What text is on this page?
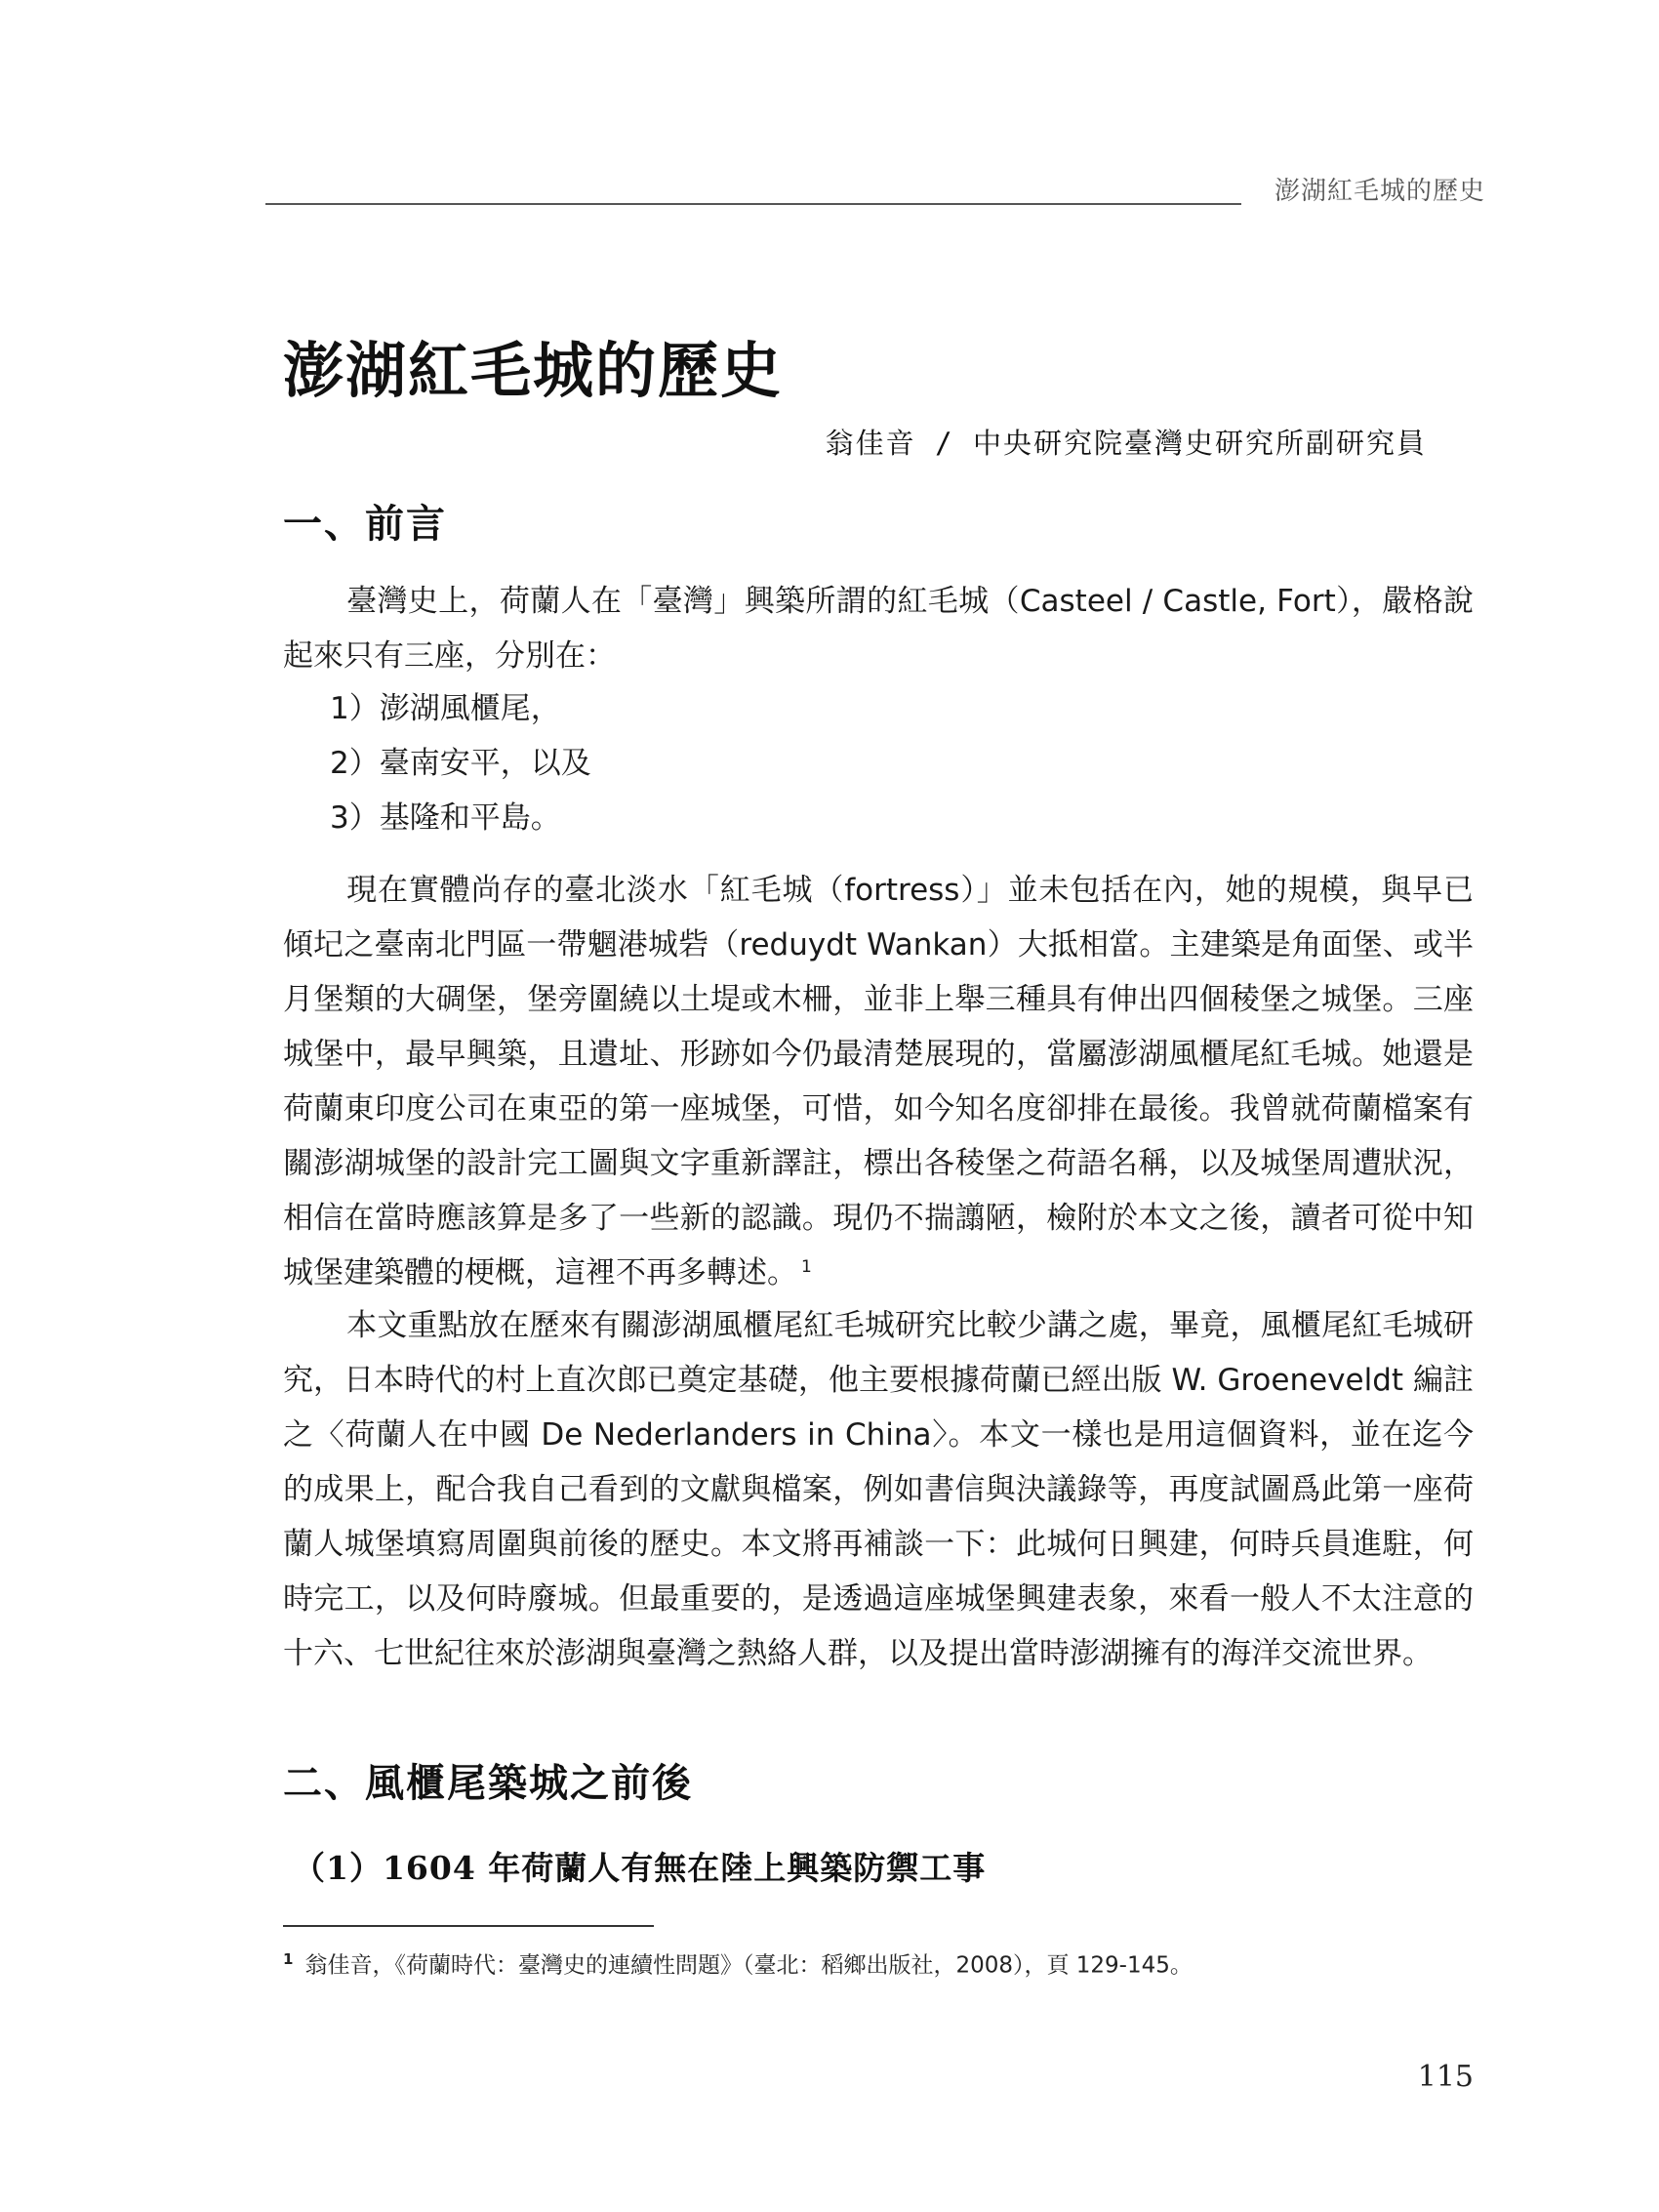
澎湖紅毛城的歷史
澎湖紅毛城的歷史
翁佳音 / 中央研究院臺灣史研究所副研究員
一、前言

臺灣史上，荷蘭人在「臺灣」興築所謂的紅毛城（Casteel / Castle, Fort），嚴格說起來只有三座，分別在：

1）澎湖風櫃尾，

2）臺南安平，以及

3）基隆和平島。

現在實體尚存的臺北淡水「紅毛城（fortress）」並未包括在內，她的規模，與早已傾圮之臺南北門區一帶魍港城砦（reduydt Wankan）大抵相當。主建築是角面堡、或半月堡類的大碉堡，堡旁圍繞以土堤或木柵，並非上舉三種具有伸出四個稜堡之城堡。三座城堡中，最早興築，且遺址、形跡如今仍最清楚展現的，當屬澎湖風櫃尾紅毛城。她還是荷蘭東印度公司在東亞的第一座城堡，可惜，如今知名度卻排在最後。我曾就荷蘭檔案有關澎湖城堡的設計完工圖與文字重新譯註，標出各稜堡之荷語名稱，以及城堡周遭狀況，相信在當時應該算是多了一些新的認識。現仍不揣譾陋，檢附於本文之後，讀者可從中知城堡建築體的梗概，這裡不再多轉述。 $^1$

本文重點放在歷來有關澎湖風櫃尾紅毛城研究比較少講之處，畢竟，風櫃尾紅毛城研究，日本時代的村上直次郎已奠定基礎，他主要根據荷蘭已經出版 W. Groeneveldt 編註之〈荷蘭人在中國 De Nederlanders in China〉。本文一樣也是用這個資料，並在迄今的成果上，配合我自己看到的文獻與檔案，例如書信與決議錄等，再度試圖爲此第一座荷蘭人城堡填寫周圍與前後的歷史。本文將再補談一下：此城何日興建，何時兵員進駐，何時完工，以及何時廢城。但最重要的，是透過這座城堡興建表象，來看一般人不太注意的十六、七世紀往來於澎湖與臺灣之熱絡人群，以及提出當時澎湖擁有的海洋交流世界。

二、風櫃尾築城之前後
（1）1604 年荷蘭人有無在陸上興築防禦工事
$^1$ 翁佳音，《荷蘭時代：臺灣史的連續性問題》（臺北：稻鄉出版社，2008），頁 129-145。
115
